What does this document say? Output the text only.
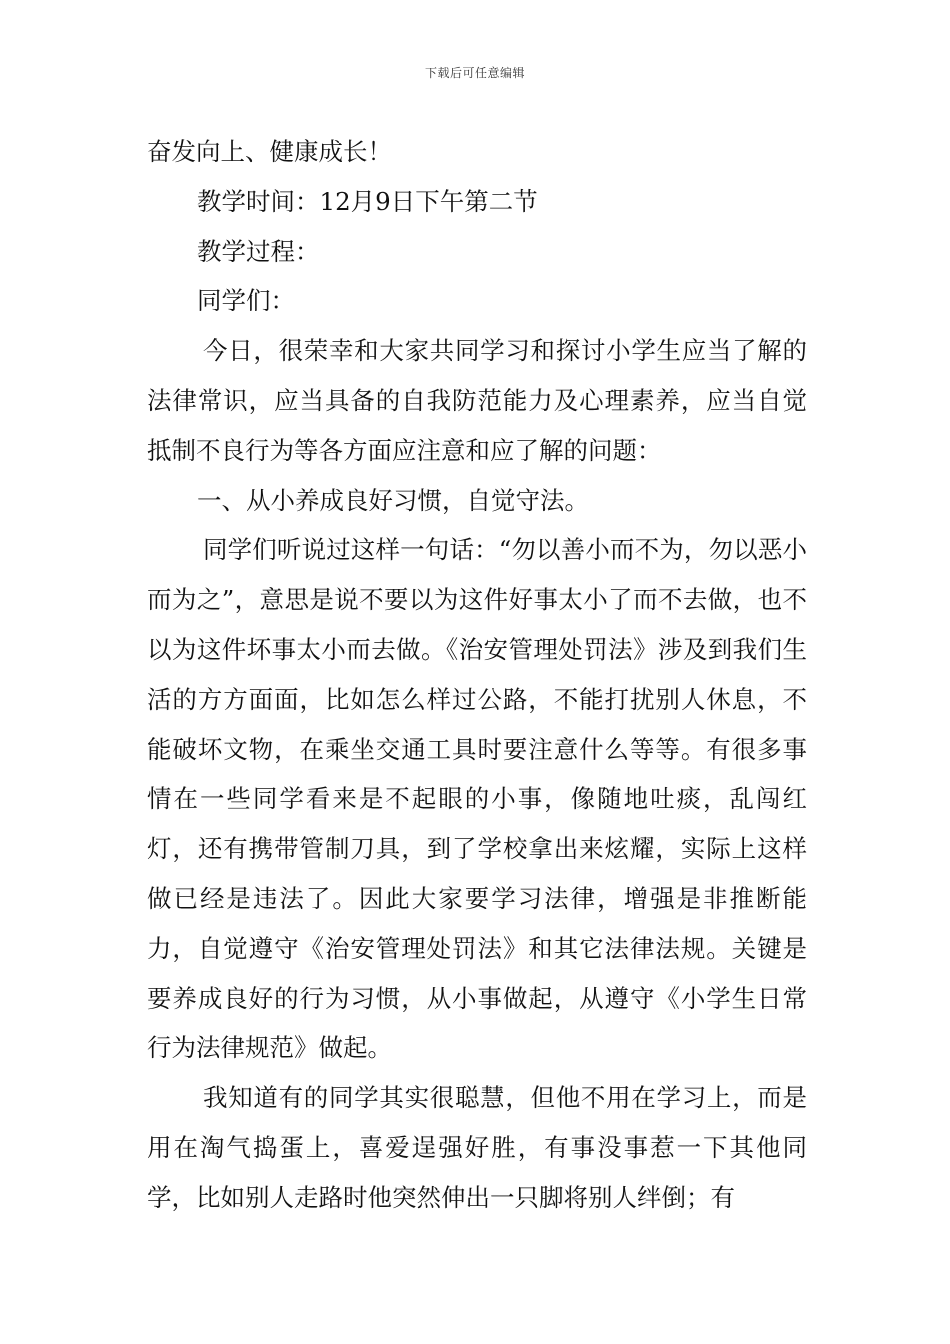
下载后可任意编辑

奋发向上、健康成长！

教学时间：12月9日下午第二节

教学过程：

同学们：

今日，很荣幸和大家共同学习和探讨小学生应当了解的法律常识，应当具备的自我防范能力及心理素养，应当自觉抵制不良行为等各方面应注意和应了解的问题：

一、从小养成良好习惯，自觉守法。

同学们听说过这样一句话：“勿以善小而不为，勿以恶小而为之”，意思是说不要以为这件好事太小了而不去做，也不以为这件坏事太小而去做。《治安管理处罚法》涉及到我们生活的方方面面，比如怎么样过公路，不能打扰别人休息，不能破坏文物，在乘坐交通工具时要注意什么等等。有很多事情在一些同学看来是不起眼的小事，像随地吐痰，乱闯红灯，还有携带管制刀具，到了学校拿出来炫耀，实际上这样做已经是违法了。因此大家要学习法律，增强是非推断能力，自觉遵守《治安管理处罚法》和其它法律法规。关键是要养成良好的行为习惯，从小事做起，从遵守《小学生日常行为法律规范》做起。

我知道有的同学其实很聪慧，但他不用在学习上，而是用在淘气捣蛋上，喜爱逞强好胜，有事没事惹一下其他同学，比如别人走路时他突然伸出一只脚将别人绊倒；有
